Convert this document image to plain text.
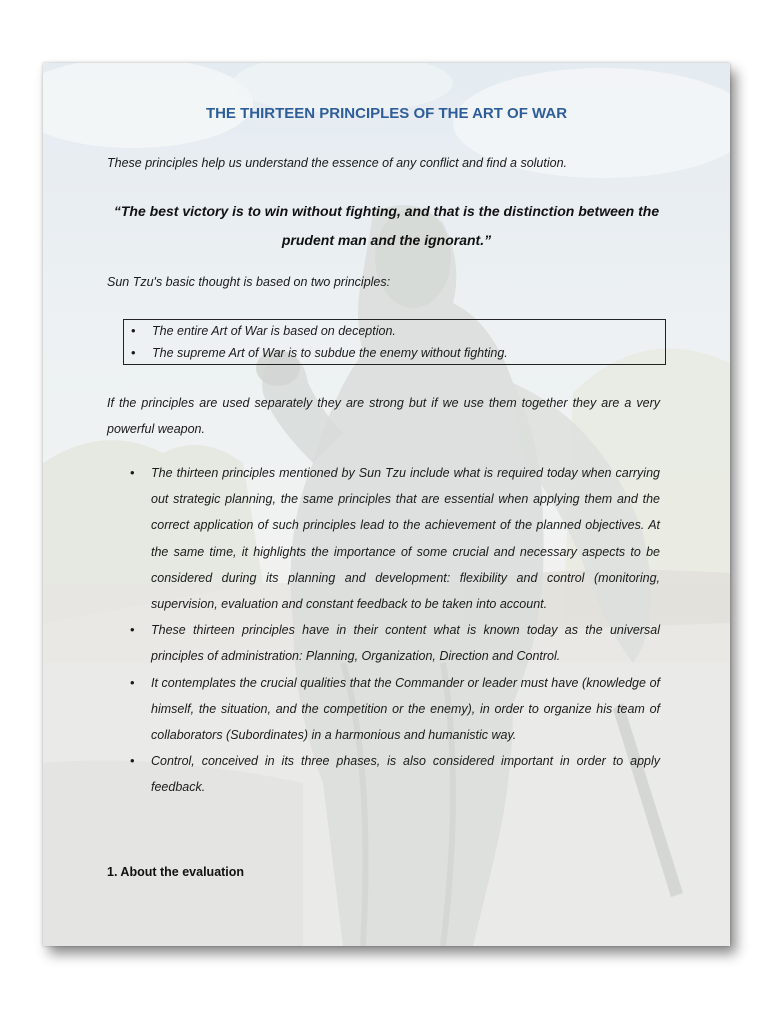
THE THIRTEEN PRINCIPLES OF THE ART OF WAR
These principles help us understand the essence of any conflict and find a solution.
“The best victory is to win without fighting, and that is the distinction between the prudent man and the ignorant.”
Sun Tzu's basic thought is based on two principles:
• The entire Art of War is based on deception.
• The supreme Art of War is to subdue the enemy without fighting.
If the principles are used separately they are strong but if we use them together they are a very powerful weapon.
• The thirteen principles mentioned by Sun Tzu include what is required today when carrying out strategic planning, the same principles that are essential when applying them and the correct application of such principles lead to the achievement of the planned objectives. At the same time, it highlights the importance of some crucial and necessary aspects to be considered during its planning and development: flexibility and control (monitoring, supervision, evaluation and constant feedback to be taken into account.
• These thirteen principles have in their content what is known today as the universal principles of administration: Planning, Organization, Direction and Control.
• It contemplates the crucial qualities that the Commander or leader must have (knowledge of himself, the situation, and the competition or the enemy), in order to organize his team of collaborators (Subordinates) in a harmonious and humanistic way.
• Control, conceived in its three phases, is also considered important in order to apply feedback.
1. About the evaluation
